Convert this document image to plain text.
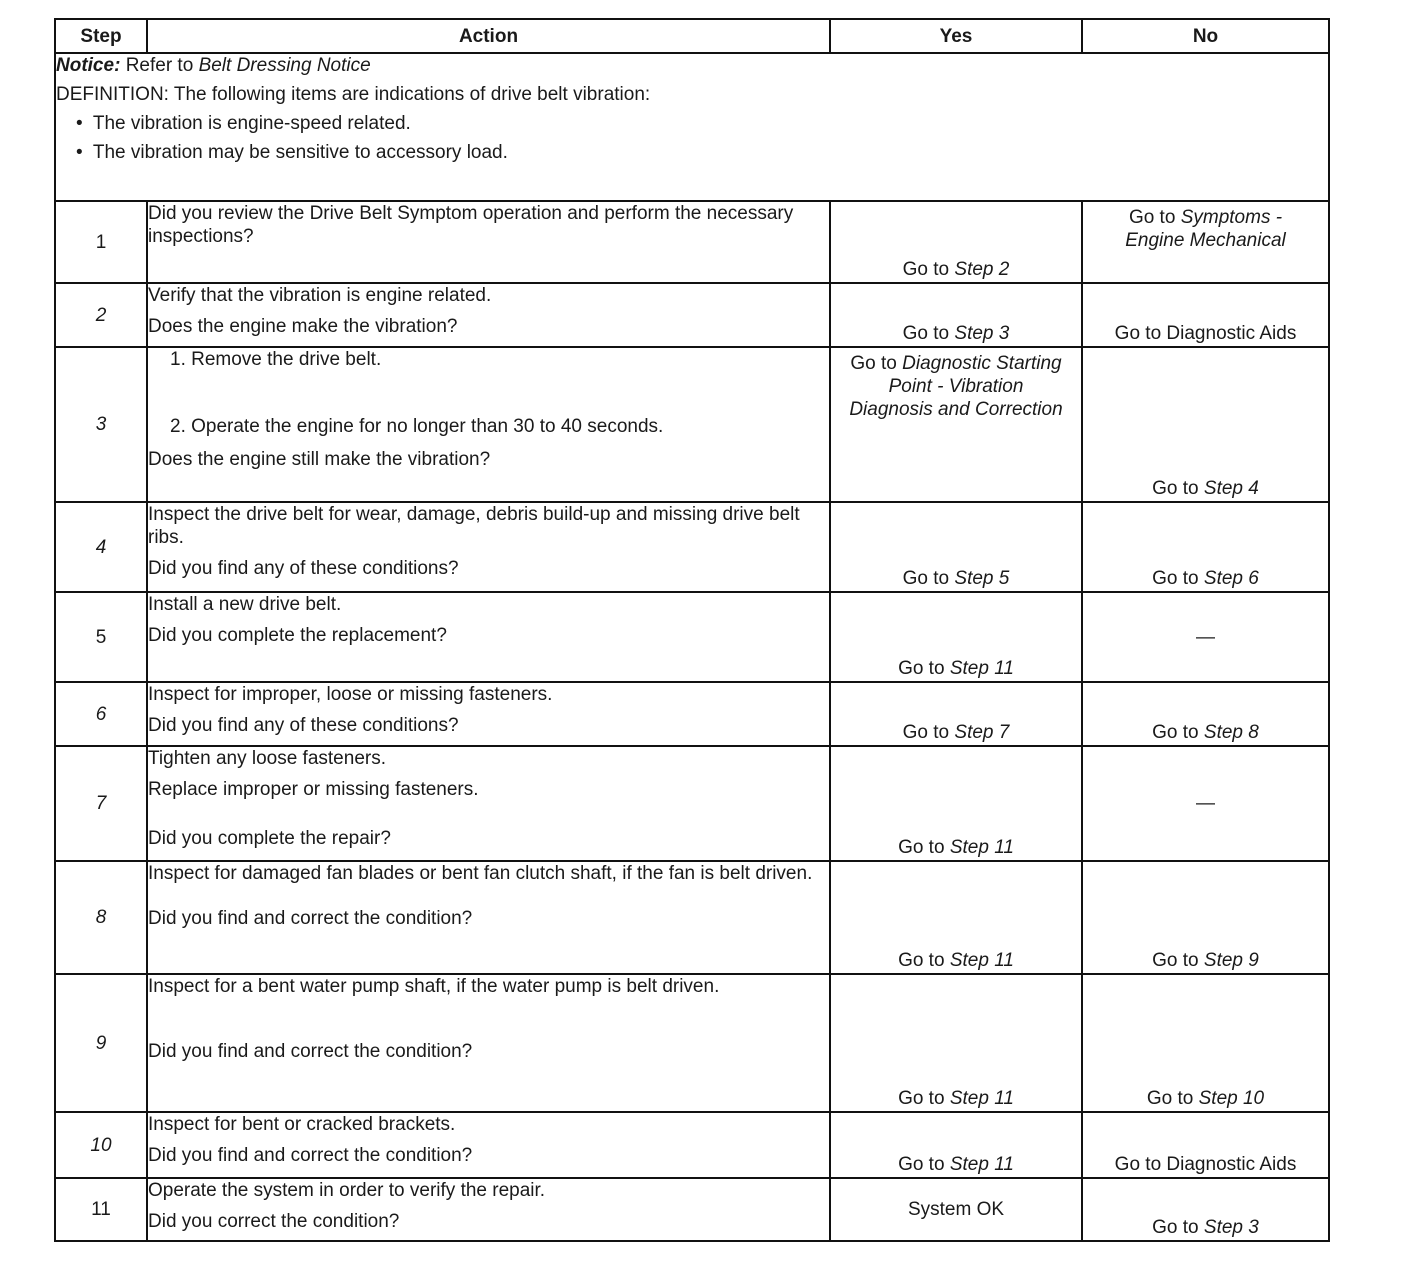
Step	Action	Yes	No

Notice: Refer to Belt Dressing Notice

DEFINITION: The following items are indications of drive belt vibration:

•  The vibration is engine-speed related.

•  The vibration may be sensitive to accessory load.			

1	Did you review the Drive Belt Symptom operation and perform the necessary inspections?	Go to Step 2	Go to Symptoms - Engine Mechanical
2	Verify that the vibration is engine related.
Does the engine make the vibration?	Go to Step 3	Go to Diagnostic Aids
3	1. Remove the drive belt.
2. Operate the engine for no longer than 30 to 40 seconds.
Does the engine still make the vibration?	Go to Diagnostic Starting Point - Vibration Diagnosis and Correction	Go to Step 4
4	Inspect the drive belt for wear, damage, debris build-up and missing drive belt ribs.
Did you find any of these conditions?	Go to Step 5	Go to Step 6
5	Install a new drive belt.
Did you complete the replacement?	Go to Step 11	—
6	Inspect for improper, loose or missing fasteners.
Did you find any of these conditions?	Go to Step 7	Go to Step 8
7	Tighten any loose fasteners.
Replace improper or missing fasteners.
Did you complete the repair?	Go to Step 11	—
8	Inspect for damaged fan blades or bent fan clutch shaft, if the fan is belt driven.
Did you find and correct the condition?	Go to Step 11	Go to Step 9
9	Inspect for a bent water pump shaft, if the water pump is belt driven.
Did you find and correct the condition?	Go to Step 11	Go to Step 10
10	Inspect for bent or cracked brackets.
Did you find and correct the condition?	Go to Step 11	Go to Diagnostic Aids
11	Operate the system in order to verify the repair.
Did you correct the condition?	System OK	Go to Step 3
